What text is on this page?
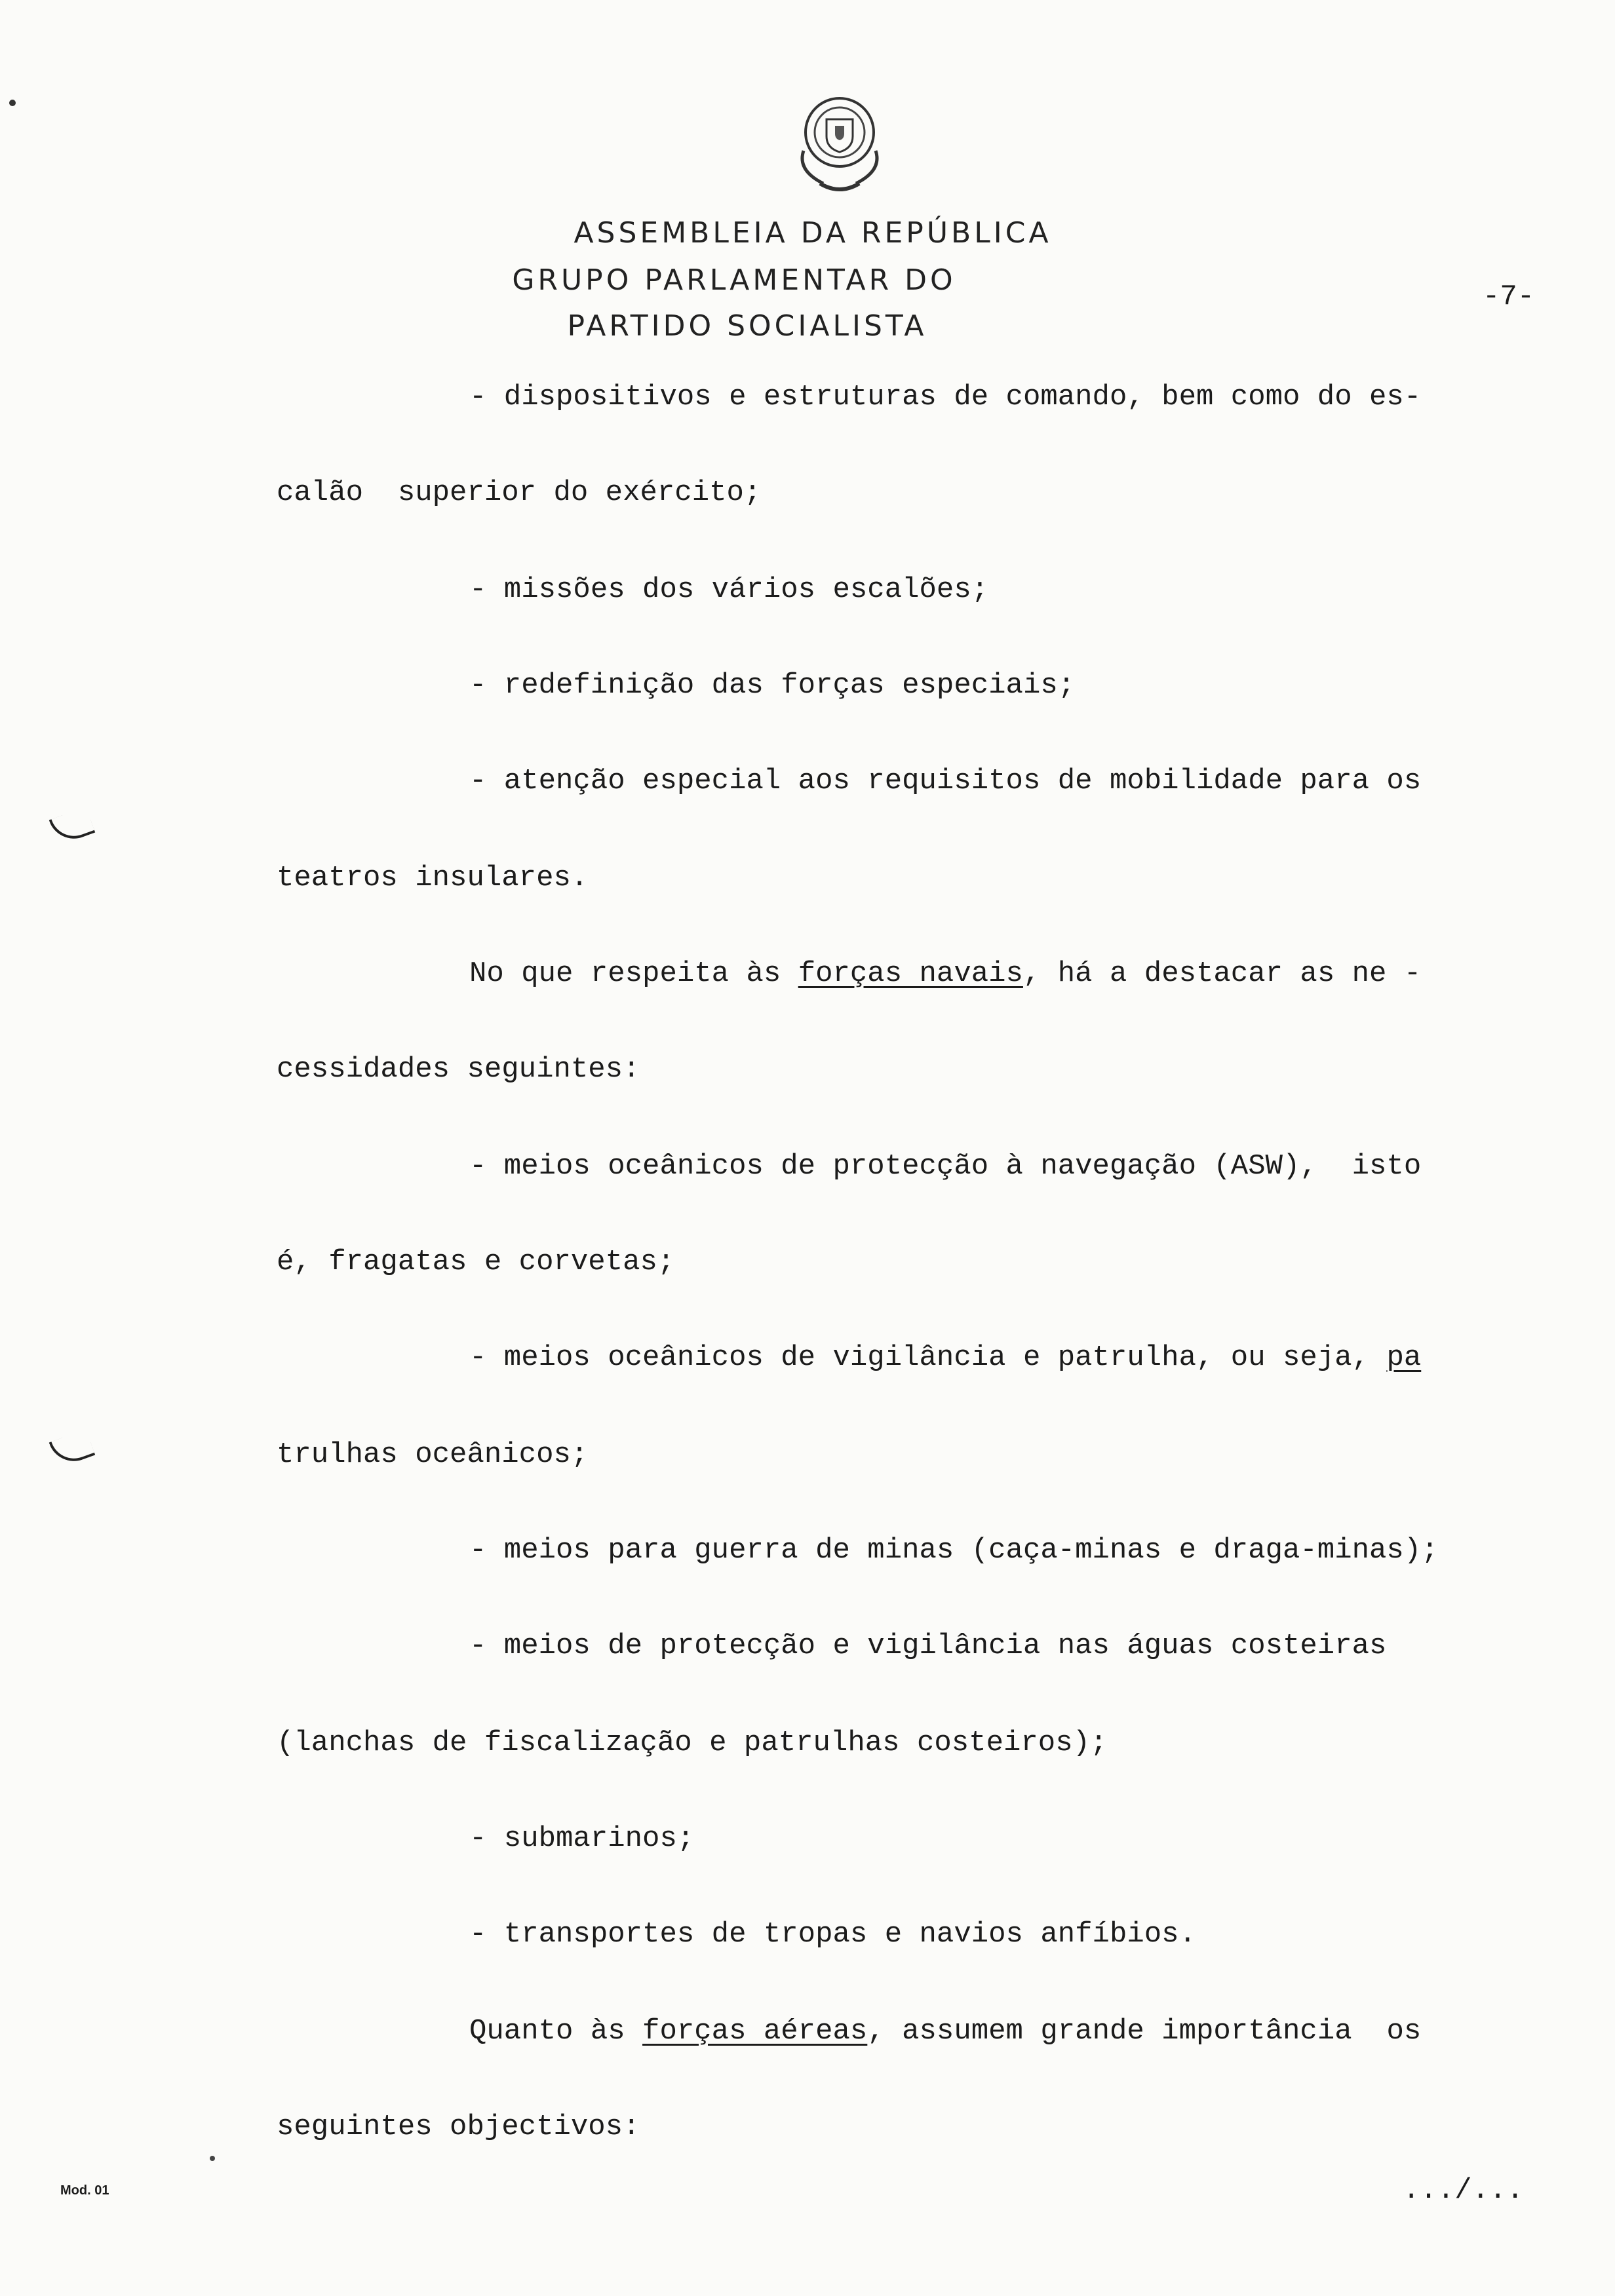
ASSEMBLEIA DA REPÚBLICA
GRUPO PARLAMENTAR DO
PARTIDO SOCIALISTA
-7-
- dispositivos e estruturas de comando, bem como do es-
calão  superior do exército;
- missões dos vários escalões;
- redefinição das forças especiais;
- atenção especial aos requisitos de mobilidade para os
teatros insulares.
No que respeita às forças navais, há a destacar as ne -
cessidades seguintes:
- meios oceânicos de protecção à navegação (ASW),  isto
é, fragatas e corvetas;
- meios oceânicos de vigilância e patrulha, ou seja, pa
trulhas oceânicos;
- meios para guerra de minas (caça-minas e draga-minas);
- meios de protecção e vigilância nas águas costeiras
(lanchas de fiscalização e patrulhas costeiros);
- submarinos;
- transportes de tropas e navios anfíbios.
Quanto às forças aéreas, assumem grande importância  os
seguintes objectivos:
Mod. 01	.../...
